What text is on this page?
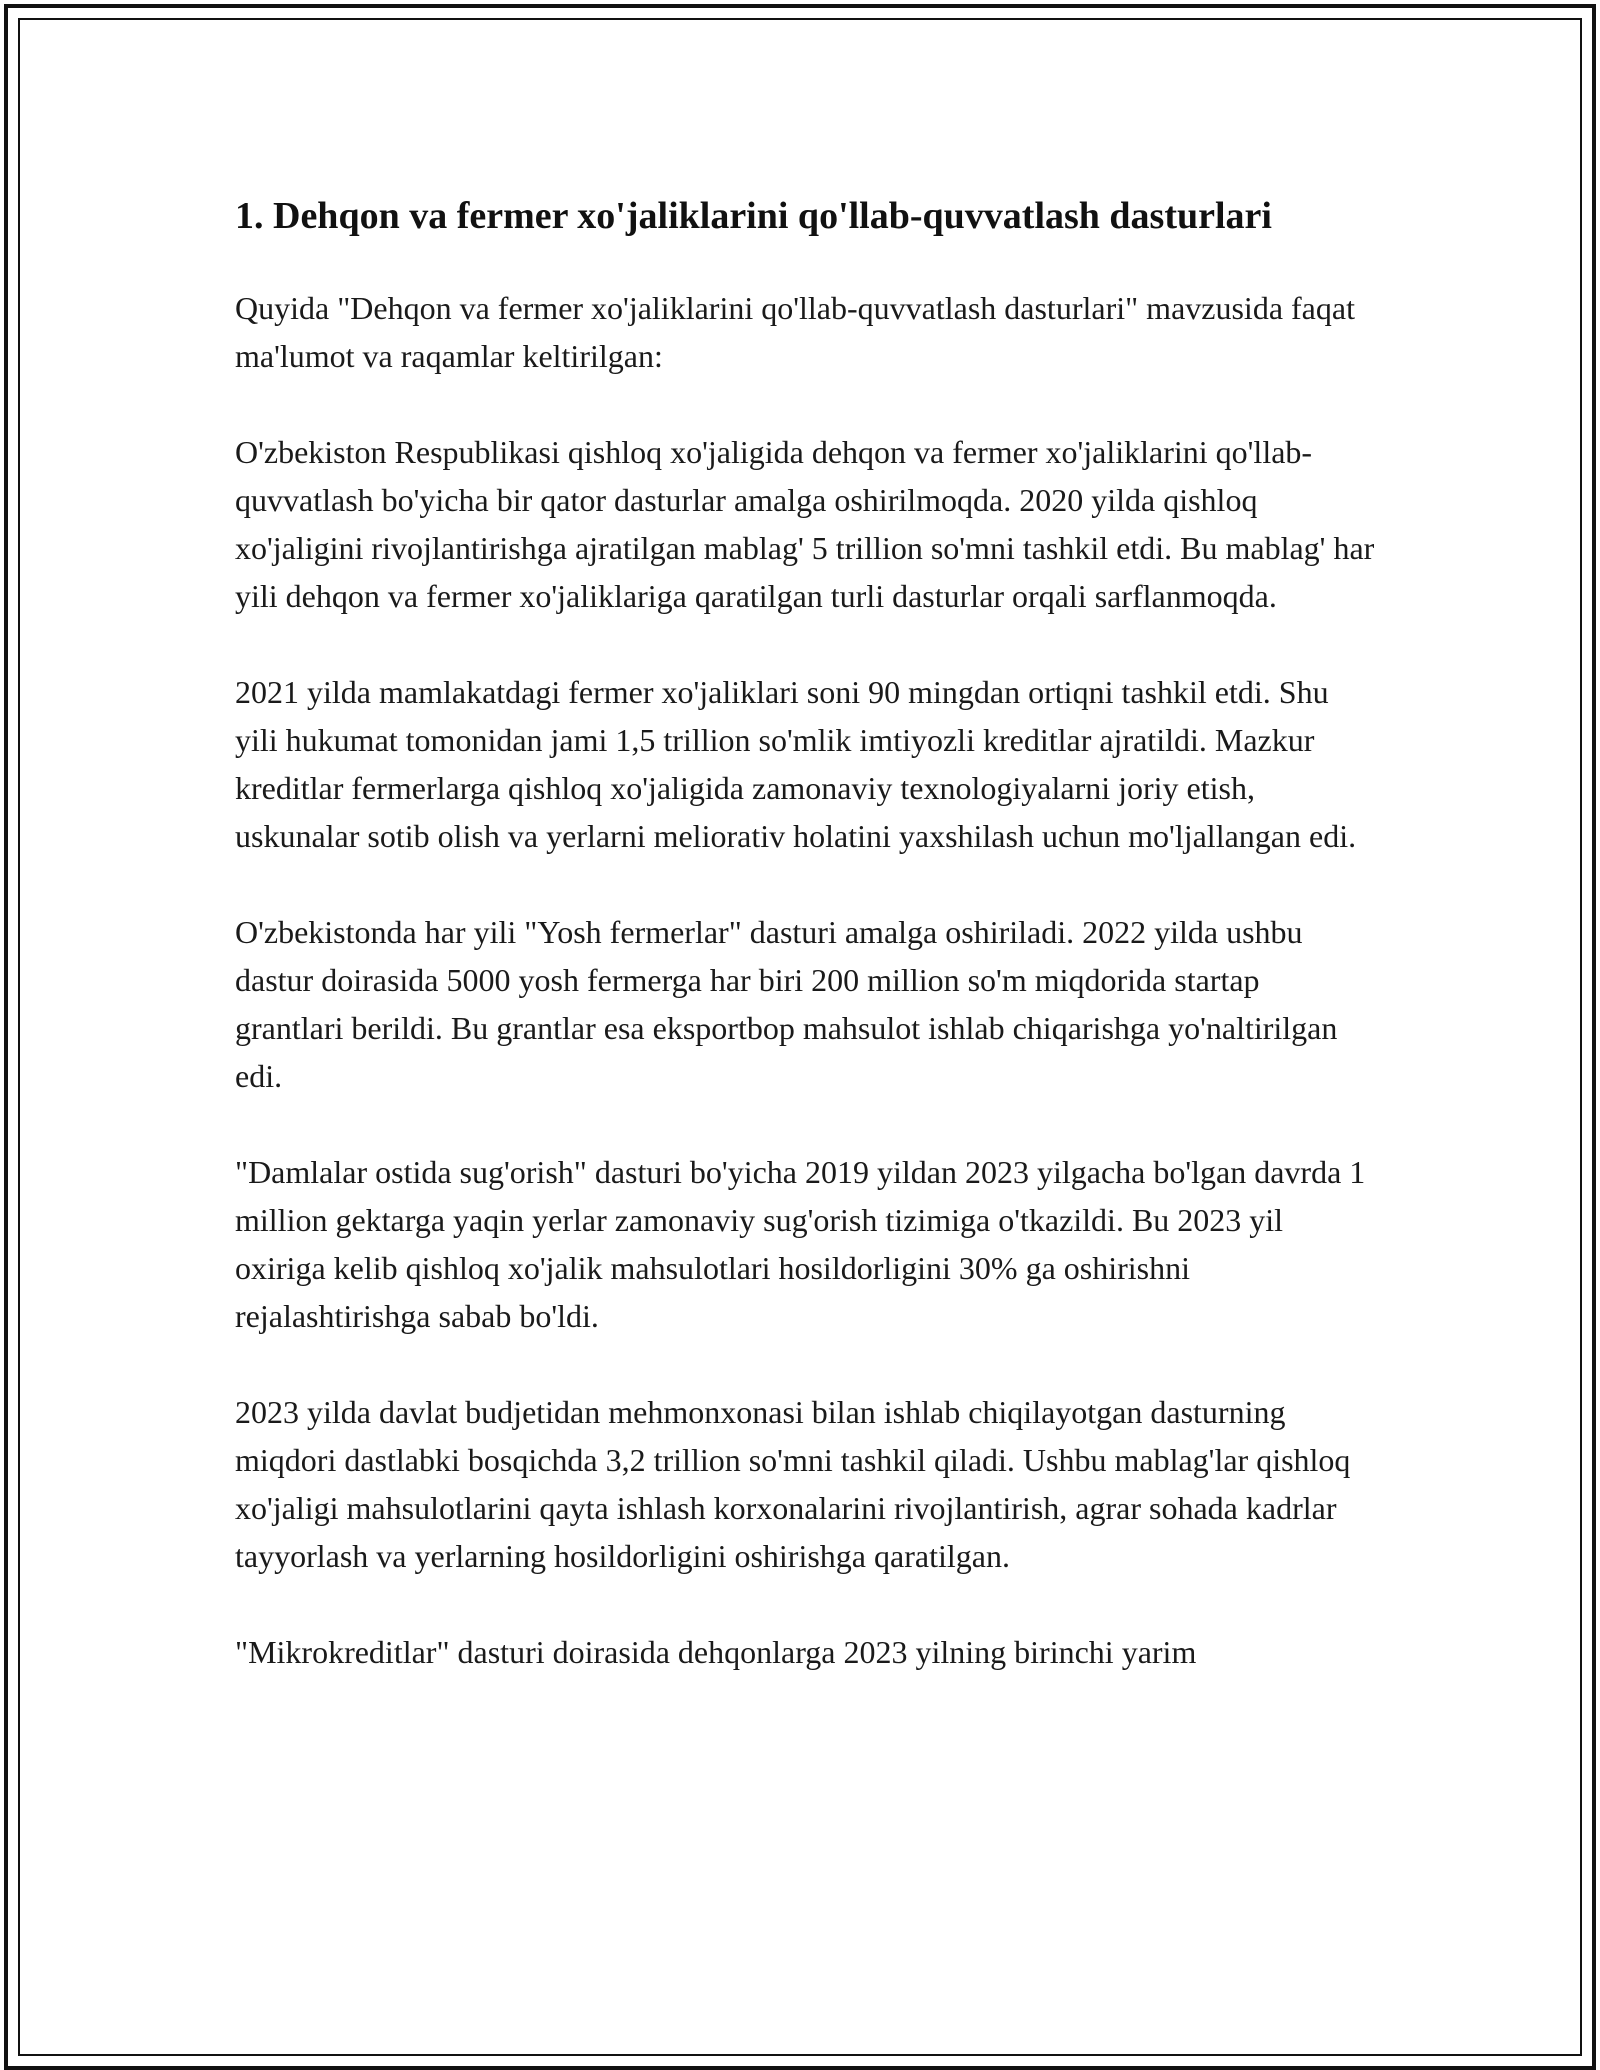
1. Dehqon va fermer xo'jaliklarini qo'llab-quvvatlash dasturlari

Quyida "Dehqon va fermer xo'jaliklarini qo'llab-quvvatlash dasturlari" mavzusida faqat ma'lumot va raqamlar keltirilgan:

O'zbekiston Respublikasi qishloq xo'jaligida dehqon va fermer xo'jaliklarini qo'llab-quvvatlash bo'yicha bir qator dasturlar amalga oshirilmoqda. 2020 yilda qishloq xo'jaligini rivojlantirishga ajratilgan mablag' 5 trillion so'mni tashkil etdi. Bu mablag' har yili dehqon va fermer xo'jaliklariga qaratilgan turli dasturlar orqali sarflanmoqda.

2021 yilda mamlakatdagi fermer xo'jaliklari soni 90 mingdan ortiqni tashkil etdi. Shu yili hukumat tomonidan jami 1,5 trillion so'mlik imtiyozli kreditlar ajratildi. Mazkur kreditlar fermerlarga qishloq xo'jaligida zamonaviy texnologiyalarni joriy etish, uskunalar sotib olish va yerlarni meliorativ holatini yaxshilash uchun mo'ljallangan edi.

O'zbekistonda har yili "Yosh fermerlar" dasturi amalga oshiriladi. 2022 yilda ushbu dastur doirasida 5000 yosh fermerga har biri 200 million so'm miqdorida startap grantlari berildi. Bu grantlar esa eksportbop mahsulot ishlab chiqarishga yo'naltirilgan edi.

"Damlalar ostida sug'orish" dasturi bo'yicha 2019 yildan 2023 yilgacha bo'lgan davrda 1 million gektarga yaqin yerlar zamonaviy sug'orish tizimiga o'tkazildi. Bu 2023 yil oxiriga kelib qishloq xo'jalik mahsulotlari hosildorligini 30% ga oshirishni rejalashtirishga sabab bo'ldi.

2023 yilda davlat budjetidan mehmonxonasi bilan ishlab chiqilayotgan dasturning miqdori dastlabki bosqichda 3,2 trillion so'mni tashkil qiladi. Ushbu mablag'lar qishloq xo'jaligi mahsulotlarini qayta ishlash korxonalarini rivojlantirish, agrar sohada kadrlar tayyorlash va yerlarning hosildorligini oshirishga qaratilgan.

"Mikrokreditlar" dasturi doirasida dehqonlarga 2023 yilning birinchi yarim
